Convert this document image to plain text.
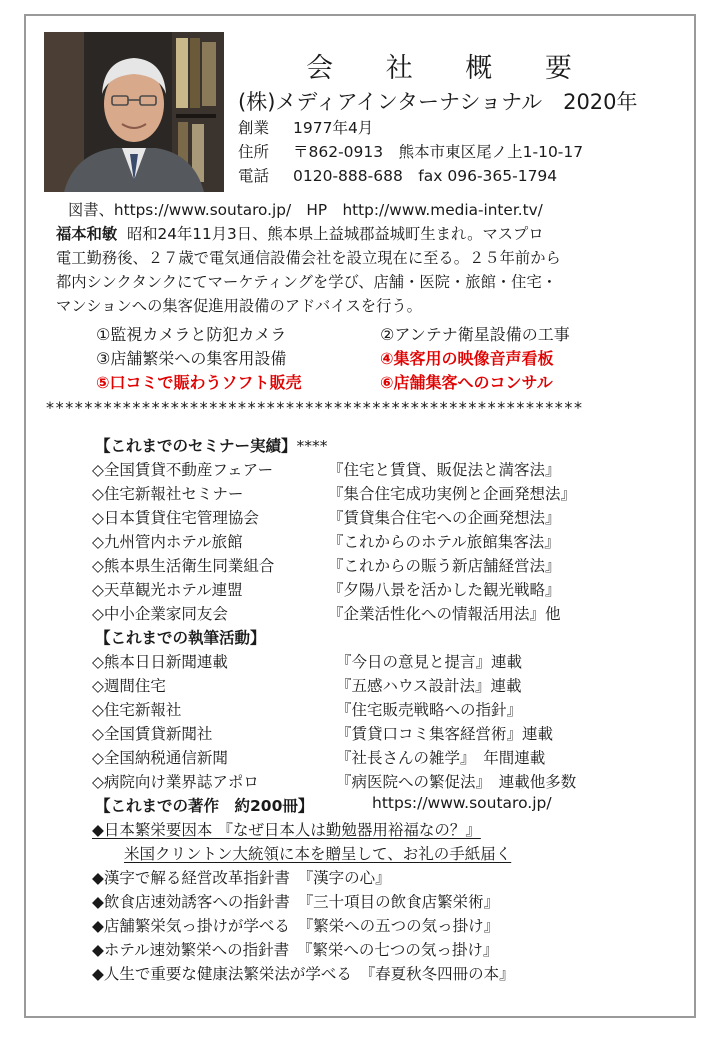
会 社 概 要
(株)メディアインターナショナル　2020年
創業 1977年4月
住所 〒862-0913　熊本市東区尾ノ上1-10-17
電話 0120-888-688　fax 096-365-1794
図書、https://www.soutaro.jp/　HP　http://www.media-inter.tv/
福本和敏 昭和24年11月3日、熊本県上益城郡益城町生まれ。マスプロ
電工勤務後、２７歳で電気通信設備会社を設立現在に至る。２５年前から
都内シンクタンクにてマーケティングを学び、店舗・医院・旅館・住宅・
マンションへの集客促進用設備のアドバイスを行う。
①監視カメラと防犯カメラ	②アンテナ衛星設備の工事
③店舗繁栄への集客用設備	④集客用の映像音声看板
⑤口コミで賑わうソフト販売	⑥店舗集客へのコンサル
********************************************************
【これまでのセミナー実績】****
◇全国賃貸不動産フェアー	『住宅と賃貸、販促法と満客法』
◇住宅新報社セミナー	『集合住宅成功実例と企画発想法』
◇日本賃貸住宅管理協会	『賃貸集合住宅への企画発想法』
◇九州管内ホテル旅館	『これからのホテル旅館集客法』
◇熊本県生活衛生同業組合	『これからの賑う新店舗経営法』
◇天草観光ホテル連盟	『夕陽八景を活かした観光戦略』
◇中小企業家同友会	『企業活性化への情報活用法』他
【これまでの執筆活動】
◇熊本日日新聞連載	『今日の意見と提言』連載
◇週間住宅	『五感ハウス設計法』連載
◇住宅新報社	『住宅販売戦略への指針』
◇全国賃貸新聞社	『賃貸口コミ集客経営術』連載
◇全国納税通信新聞	『社長さんの雑学』　年間連載
◇病院向け業界誌アポロ	『病医院への繁促法』　連載他多数
【これまでの著作　約200冊】	https://www.soutaro.jp/
◆日本繁栄要因本 『なぜ日本人は勤勉器用裕福なの？』
米国クリントン大統領に本を贈呈して、お礼の手紙届く
◆漢字で解る経営改革指針書　『漢字の心』
◆飲食店速効誘客への指針書　『三十項目の飲食店繁栄術』
◆店舗繁栄気っ掛けが学べる　『繁栄への五つの気っ掛け』
◆ホテル速効繁栄への指針書　『繁栄への七つの気っ掛け』
◆人生で重要な健康法繁栄法が学べる　『春夏秋冬四冊の本』
